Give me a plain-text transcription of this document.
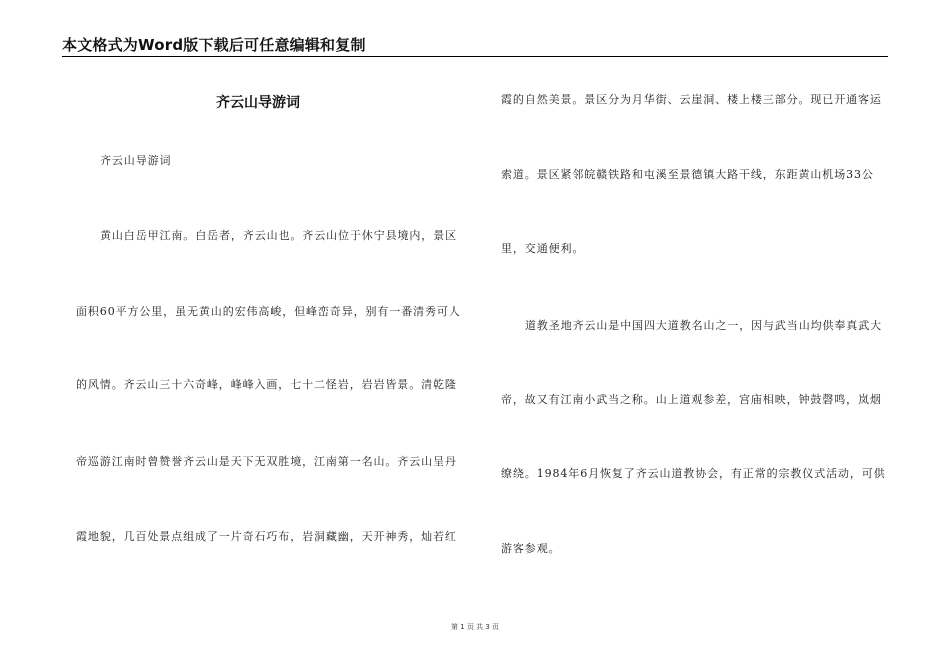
本文格式为Word版下载后可任意编辑和复制
齐云山导游词
齐云山导游词
黄山白岳甲江南。白岳者，齐云山也。齐云山位于休宁县境内，景区
面积60平方公里，虽无黄山的宏伟高峻，但峰峦奇异，别有一番清秀可人
的风情。齐云山三十六奇峰，峰峰入画，七十二怪岩，岩岩皆景。清乾隆
帝巡游江南时曾赞誉齐云山是天下无双胜境，江南第一名山。齐云山呈丹
霞地貌，几百处景点组成了一片奇石巧布，岩洞藏幽，天开神秀，灿若红
霞的自然美景。景区分为月华街、云崖洞、楼上楼三部分。现已开通客运
索道。景区紧邻皖赣铁路和屯溪至景德镇大路干线，东距黄山机场33公
里，交通便利。
道教圣地齐云山是中国四大道教名山之一，因与武当山均供奉真武大
帝，故又有江南小武当之称。山上道观参差，宫庙相映，钟鼓磬鸣，岚烟
缭绕。1984年6月恢复了齐云山道教协会，有正常的宗教仪式活动，可供
游客参观。
第 1 页 共 3 页
